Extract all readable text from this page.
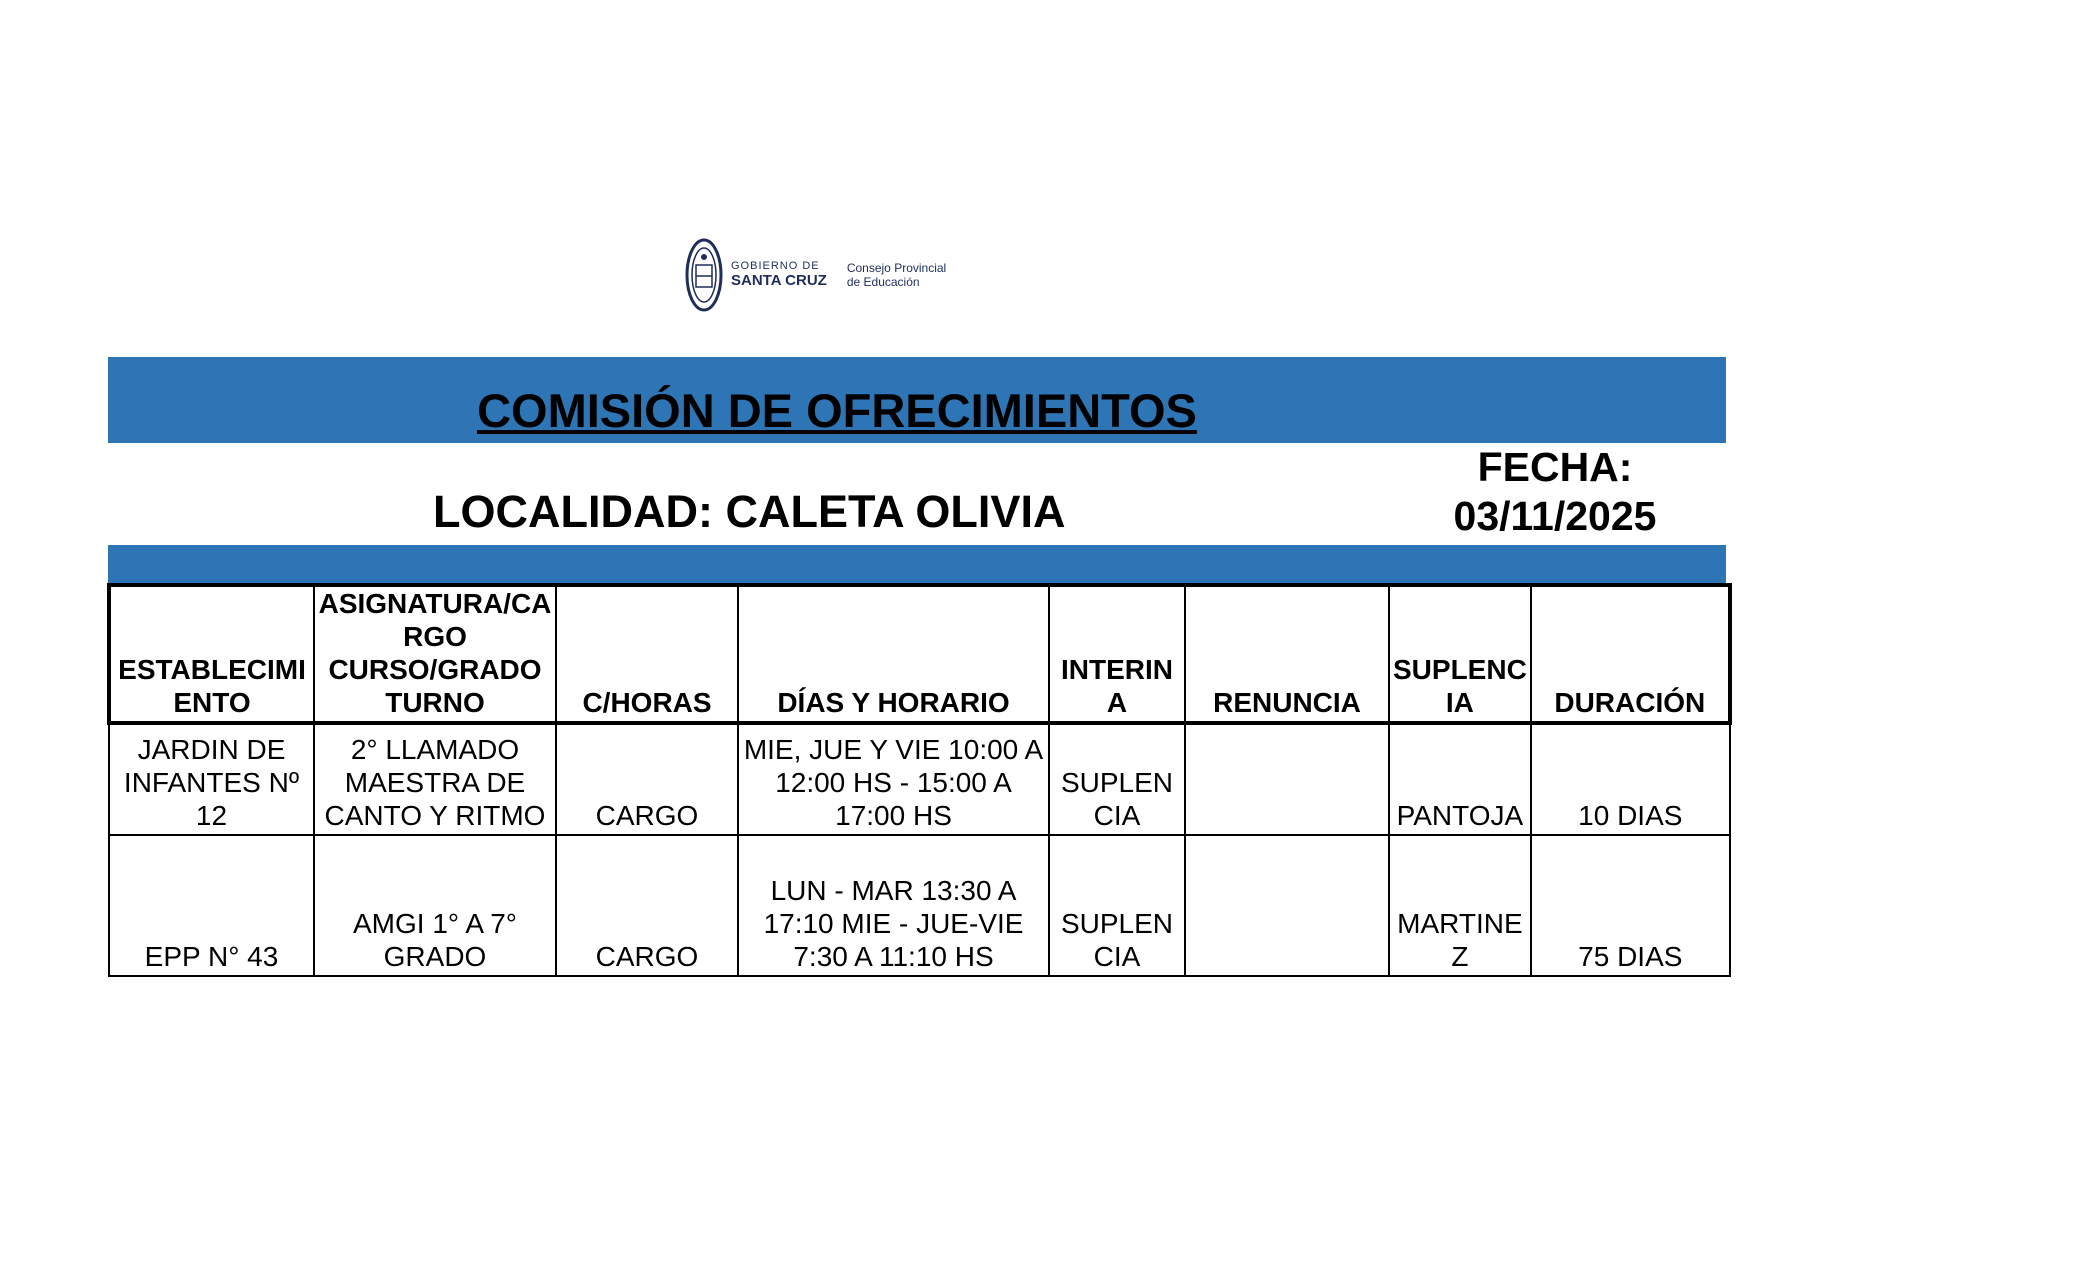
GOBIERNO DE
SANTA CRUZ
Consejo Provincial
de Educación
COMISIÓN DE OFRECIMIENTOS
LOCALIDAD: CALETA OLIVIA
FECHA:
03/11/2025
ESTABLECIMI ENTO	ASIGNATURA/CA RGO CURSO/GRADO TURNO	C/HORAS	DÍAS Y HORARIO	INTERIN A	RENUNCIA	SUPLENC IA	DURACIÓN
JARDIN DE INFANTES Nº 12	2° LLAMADO MAESTRA DE CANTO Y RITMO	CARGO	MIE, JUE Y VIE 10:00 A 12:00 HS - 15:00 A 17:00 HS	SUPLEN CIA		PANTOJA	10 DIAS
EPP N° 43	AMGI 1° A 7° GRADO	CARGO	LUN - MAR 13:30 A 17:10 MIE - JUE-VIE 7:30 A 11:10 HS	SUPLEN CIA		MARTINE Z	75 DIAS
